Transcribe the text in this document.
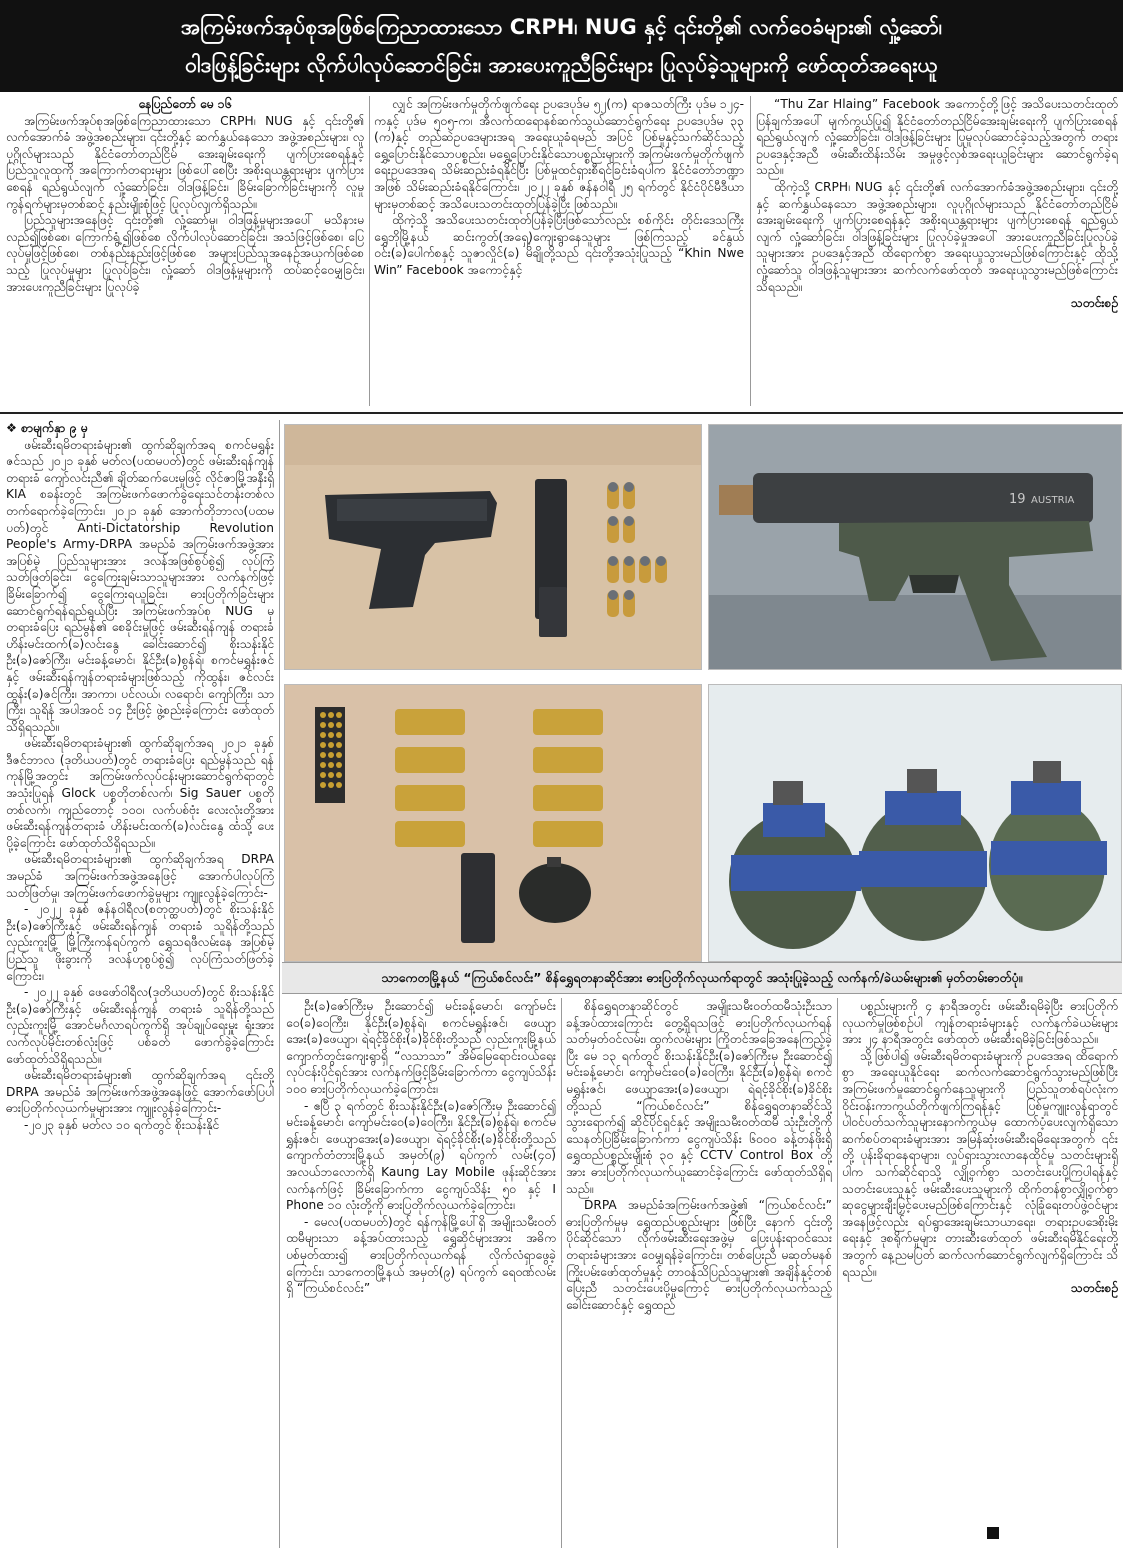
အကြမ်းဖက်အုပ်စုအဖြစ်ကြေညာထားသော CRPH၊ NUG နှင့် ၎င်းတို့၏ လက်ဝေခံများ၏ လှုံ့ဆော်၊
ဝါဒဖြန့်ခြင်းများ လိုက်ပါလုပ်ဆောင်ခြင်း၊ အားပေးကူညီခြင်းများ ပြုလုပ်ခဲ့သူများကို ဖော်ထုတ်အရေးယူ

နေပြည်တော် မေ ၁၆

အကြမ်းဖက်အုပ်စုအဖြစ်ကြေညာထားသော CRPH၊ NUG နှင့် ၎င်းတို့၏ လက်အောက်ခံ အဖွဲ့အစည်းများ၊ ၎င်းတို့နှင့် ဆက်နွှယ်နေသော အဖွဲ့အစည်းများ၊ လူပုဂ္ဂိုလ်များသည် နိုင်ငံတော်တည်ငြိမ် အေးချမ်းရေးကို ပျက်ပြားစေရန်နှင့် ပြည်သူလူထုကို အကြောက်တရားများ ဖြစ်ပေါ်စေပြီး အစိုးရယန္တရားများ ပျက်ပြားစေရန် ရည်ရွယ်လျက် လှုံ့ဆော်ခြင်း၊ ဝါဒဖြန့်ခြင်း၊ ခြိမ်းခြောက်ခြင်းများကို လူမှုကွန်ရက်များမှတစ်ဆင့် နည်းမျိုးစုံဖြင့် ပြုလုပ်လျက်ရှိသည်။

ပြည်သူများအနေဖြင့် ၎င်းတို့၏ လှုံ့ဆော်မှု၊ ဝါဒဖြန့်မှုများအပေါ် မသိနားမလည်၍ဖြစ်စေ၊ ကြောက်ရွံ့၍ဖြစ်စေ လိုက်ပါလုပ်ဆောင်ခြင်း၊ အသံဖြင့်ဖြစ်စေ၊ ပြေလုပ်မှုဖြင့်ဖြစ်စေ၊ တစ်နည်းနည်းဖြင့်ဖြစ်စေ အများပြည်သူအနေဉ်အယှက်ဖြစ်စေသည့် ပြုလုပ်မှုများ ပြုလုပ်ခြင်း၊ လှုံ့ဆော် ဝါဒဖြန့်မှုများကို ထပ်ဆင့်ဝေမျှခြင်း၊ အားပေးကူညီခြင်းများ ပြုလုပ်ခဲ့

လျှင် အကြမ်းဖက်မှုတိုက်ဖျက်ရေး ဥပဒေပုဒ်မ ၅၂(က) ရာဇသတ်ကြီး ပုဒ်မ ၁၂၄-ကနှင့် ပုဒ်မ ၅၀၅-က၊ အီလက်ထရောနစ်ဆက်သွယ်ဆောင်ရွက်ရေး ဥပဒေပုဒ်မ ၃၃ (က)နှင့် တည်ဆဲဥပဒေများအရ အရေးယူခံရမည် အပြင် ပြစ်မှုနှင့်သက်ဆိုင်သည့် ရွှေ့ပြောင်းနိုင်သောပစ္စည်း၊ မရွှေ့ပြောင်းနိုင်သောပစ္စည်းများကို အကြမ်းဖက်မှုတိုက်ဖျက်ရေးဥပဒေအရ သိမ်းဆည်းခံရနိုင်ပြီး ပြစ်မှုထင်ရှားစီရင်ခြင်းခံရပါက နိုင်ငံတော်ဘဏ္ဍာအဖြစ် သိမ်းဆည်းခံရနိုင်ကြောင်း၊ ၂၀၂၂ ခုနှစ် ဇန်နဝါရီ ၂၅ ရက်တွင် နိုင်ငံပိုင်မီဒီယာများမှတစ်ဆင့် အသိပေးသတင်းထုတ်ပြန်ခဲ့ပြီး ဖြစ်သည်။

ထိုကဲ့သို့ အသိပေးသတင်းထုတ်ပြန်ခဲ့ပြီးဖြစ်သော်လည်း စစ်ကိုင်း တိုင်းဒေသကြီး ရွှေဘိုမြို့နယ် ဆင်းကွတ်(အရှေ့)ကျေးရွာနေသူများ ဖြစ်ကြသည့် ခင်နွယ်ဝင်း(ခ)ပေါက်စနှင့် သူဇာလှိုင်(ခ) မိချိုတို့သည် ၎င်းတို့အသုံးပြုသည့် “Khin Nwe Win” Facebook အကောင့်နှင့်

“Thu Zar Hlaing” Facebook အကောင့်တို့ဖြင့် အသိပေးသတင်းထုတ်ပြန်ချက်အပေါ် မျက်ကွယ်ပြု၍ နိုင်ငံတော်တည်ငြိမ်အေးချမ်းရေးကို ပျက်ပြားစေရန် ရည်ရွယ်လျက် လှုံ့ဆော်ခြင်း၊ ဝါဒဖြန့်ခြင်းများ ပြုမူလုပ်ဆောင်ခဲ့သည့်အတွက် တရားဥပဒေနှင့်အညီ ဖမ်းဆီးထိန်းသိမ်း အမှုဖွင့်လှစ်အရေးယူခြင်းများ ဆောင်ရွက်ခဲ့ရသည်။

ထိုကဲ့သို့ CRPH၊ NUG နှင့် ၎င်းတို့၏ လက်အောက်ခံအဖွဲ့အစည်းများ၊ ၎င်းတို့နှင့် ဆက်နွှယ်နေသော အဖွဲ့အစည်းများ၊ လူပုဂ္ဂိုလ်များသည် နိုင်ငံတော်တည်ငြိမ်အေးချမ်းရေးကို ပျက်ပြားစေရန်နှင့် အစိုးရယန္တရားများ ပျက်ပြားစေရန် ရည်ရွယ်လျက် လှုံ့ဆော်ခြင်း၊ ဝါဒဖြန့်ခြင်းများ ပြုလုပ်ခဲ့မှုအပေါ် အားပေးကူညီခြင်းပြုလုပ်ခဲ့သူများအား ဥပဒေနှင့်အညီ ထိရောက်စွာ အရေးယူသွားမည်ဖြစ်ကြောင်းနှင့် ထိုသို့လှုံ့ဆော်သူ ဝါဒဖြန့်သူများအား ဆက်လက်ဖော်ထုတ် အရေးယူသွားမည်ဖြစ်ကြောင်း သိရသည်။

သတင်းစဉ်

❖ စာမျက်နှာ ၉ မှ

ဖမ်းဆီးရမိတရားခံများ၏ ထွက်ဆိုချက်အရ စကင်မရွှန်းဇင်သည် ၂၀၂၁ ခုနှစ် မတ်လ(ပထမပတ်)တွင် ဖမ်းဆီးရန်ကျန်တရားခံ ကျော်လင်းညီ၏ ချိတ်ဆက်ပေးမှုဖြင့် လိုင်ဇာမြို့အနီးရှိ KIA စခန်းတွင် အကြမ်းဖက်ဖောက်ခွဲရေးသင်တန်းတစ်လ တက်ရောက်ခဲ့ကြောင်း၊ ၂၀၂၁ ခုနှစ် အောက်တိုဘာလ(ပထမပတ်)တွင် Anti-Dictatorship Revolution People's Army-DRPA အမည်ခံ အကြမ်းဖက်အဖွဲ့အားအပြစ်မဲ့ ပြည်သူများအား ဒလန်အဖြစ်စွပ်စွဲ၍ လုပ်ကြံသတ်ဖြတ်ခြင်း၊ ငွေကြေးချမ်းသာသူများအား လက်နက်ဖြင့် ခြိမ်းခြောက်၍ ငွေကြေးရယူခြင်း၊ ဓားပြတိုက်ခြင်းများ ဆောင်ရွက်ရန်ရည်ရွယ်ပြီး အကြမ်းဖက်အုပ်စု NUG မှ တရားခံပြေး ရည်မွန်၏ စေခိုင်းမှုဖြင့် ဖမ်းဆီးရန်ကျန် တရားခံ ဟိန်းမင်းထက်(ခ)လင်းနွေ ခေါင်းဆောင်၍ စိုးသန်းနိုင်ဦး(ခ)ဇော်ကြီး၊ မင်းခန့်မောင်၊ နိုင်ဦး(ခ)စွန်ရဲ၊ စကင်မရွှန်းဇင်နှင့် ဖမ်းဆီးရန်ကျန်တရားခံများဖြစ်သည့် ကိုထွန်း၊ ဇင်လင်းထွန်း(ခ)ဇင်ကြီး၊ အာကာ၊ ပင်လယ်၊ လရောင်၊ ကျော်ကြီး၊ သာကြီး၊ သူရိန် အပါအဝင် ၁၄ ဦးဖြင့် ဖွဲ့စည်းခဲ့ကြောင်း ဖော်ထုတ်သိရှိရသည်။

ဖမ်းဆီးရမိတရားခံများ၏ ထွက်ဆိုချက်အရ ၂၀၂၁ ခုနှစ် ဒီဇင်ဘာလ (ဒုတိယပတ်)တွင် တရားခံပြေး ရည်မွန်သည် ရန်ကုန်မြို့အတွင်း အကြမ်းဖက်လုပ်ငန်းများဆောင်ရွက်ရာတွင် အသုံးပြုရန် Glock ပစ္စတိုတစ်လက်၊ Sig Sauer ပစ္စတိုတစ်လက်၊ ကျည်တောင့် ၁၀၀၊ လက်ပစ်ဗုံး လေးလုံးတို့အား ဖမ်းဆီးရန်ကျန်တရားခံ ဟိန်းမင်းထက်(ခ)လင်းနွေ ထံသို့ ပေးပို့ခဲ့ကြောင်း ဖော်ထုတ်သိရှိရသည်။

ဖမ်းဆီးရမိတရားခံများ၏ ထွက်ဆိုချက်အရ DRPA အမည်ခံ အကြမ်းဖက်အဖွဲ့အနေဖြင့် အောက်ပါလုပ်ကြံသတ်ဖြတ်မှု၊ အကြမ်းဖက်ဖောက်ခွဲမှုများ ကျူးလွန်ခဲ့ကြောင်း-

- ၂၀၂၂ ခုနှစ် ဇန်နဝါရီလ(စတုတ္ထပတ်)တွင် စိုးသန်းနိုင်ဦး(ခ)ဇော်ကြီးနှင့် ဖမ်းဆီးရန်ကျန် တရားခံ သူရိန်တို့သည် လှည်းကူးမြို့ မြို့ကြီးကန်ရပ်ကွက် ရွှေသရဖီလမ်းနေ အပြစ်မဲ့ပြည်သူ ဖိုးခွားကို ဒလန်ဟုစွပ်စွဲ၍ လုပ်ကြံသတ်ဖြတ်ခဲ့ကြောင်း၊

- ၂၀၂၂ ခုနှစ် ဖေဖော်ဝါရီလ(ဒုတိယပတ်)တွင် စိုးသန်းနိုင်ဦး(ခ)ဇော်ကြီးနှင့် ဖမ်းဆီးရန်ကျန် တရားခံ သူရိန်တို့သည် လှည်းကူးမြို့ အောင်မင်္ဂလာရပ်ကွက်ရှိ အုပ်ချုပ်ရေးမှူး ရုံးအား လက်လုပ်မိုင်းတစ်လုံးဖြင့် ပစ်ခတ် ဖောက်ခွဲခဲ့ကြောင်း ဖော်ထုတ်သိရှိရသည်။

ဖမ်းဆီးရမိတရားခံများ၏ ထွက်ဆိုချက်အရ ၎င်းတို့ DRPA အမည်ခံ အကြမ်းဖက်အဖွဲ့အနေဖြင့် အောက်ဖော်ပြပါ ဓားပြတိုက်လုယက်မှုများအား ကျူးလွန်ခဲ့ကြောင်း-

-၂၀၂၃ ခုနှစ် မတ်လ ၁၀ ရက်တွင် စိုးသန်းနိုင်

19 AUSTRIA
သာကေတမြို့နယ် “ကြယ်စင်လင်း” စိန်ရွှေရတနာဆိုင်အား ဓားပြတိုက်လုယက်ရာတွင် အသုံးပြုခဲ့သည့် လက်နက်/ခဲယမ်းများ၏ မှတ်တမ်းဓာတ်ပုံ။

ဦး(ခ)ဇော်ကြီးမှ ဦးဆောင်၍ မင်းခန့်မောင်၊ ကျော်မင်းဝေ(ခ)ဝေကြီး၊ နိုင်ဦး(ခ)စွန်ရဲ၊ စကင်မရွှန်းဇင်၊ ဖေယျာအေး(ခ)ဖေယျာ၊ ရဲရင့်ခိုင်စိုး(ခ)ခိုင်စိုးတို့သည် လှည်းကူးမြို့နယ် ကျောက်တွင်းကျေးရွာရှိ “လသာသာ” အိမ်မြေရောင်းဝယ်ရေးလုပ်ငန်းပိုင်ရှင်အား လက်နက်ဖြင့်ခြိမ်းခြောက်ကာ ငွေကျပ်သိန်း ၁၀၀ ဓားပြတိုက်လုယက်ခဲ့ကြောင်း၊

- ဧပြီ ၃ ရက်တွင် စိုးသန်းနိုင်ဦး(ခ)ဇော်ကြီးမှ ဦးဆောင်၍ မင်းခန့်မောင်၊ ကျော်မင်းဝေ(ခ)ဝေကြီး၊ နိုင်ဦး(ခ)စွန်ရဲ၊ စကင်မရွှန်းဇင်၊ ဖေယျာအေး(ခ)ဖေယျာ၊ ရဲရင့်ခိုင်စိုး(ခ)ခိုင်စိုးတို့သည် ကျောက်တံတားမြို့နယ် အမှတ်(၉) ရပ်ကွက် လမ်း(၄၀) အလယ်ဘလောက်ရှိ Kaung Lay Mobile ဖုန်းဆိုင်အား လက်နက်ဖြင့် ခြိမ်းခြောက်ကာ ငွေကျပ်သိန်း ၅၀ နှင့် I Phone ၁၀ လုံးတို့ကို ဓားပြတိုက်လုယက်ခဲ့ကြောင်း၊

- မေလ(ပထမပတ်)တွင် ရန်ကုန်မြို့ပေါ်ရှိ အမျိုးသမီးဝတ်ထမီများသာ ခန့်အပ်ထားသည့် ရွှေဆိုင်များအား အဓိကပစ်မှတ်ထား၍ ဓားပြတိုက်လုယက်ရန် လိုက်လံရှာဖွေခဲ့ကြောင်း၊ သာကေတမြို့နယ် အမှတ်(၉) ရပ်ကွက် ရေဝဏ်လမ်းရှိ “ကြယ်စင်လင်း”

စိန်ရွှေရတနာဆိုင်တွင် အမျိုးသမီးဝတ်ထမီသုံးဦးသာ ခန့်အပ်ထားကြောင်း တွေ့ရှိရသဖြင့် ဓားပြတိုက်လုယက်ရန်သတ်မှတ်ဝင်လမ်း၊ ထွက်လမ်းများ ကြိုတင်အခြေအနေကြည့်ခဲ့ပြီး မေ ၁၃ ရက်တွင် စိုးသန်းနိုင်ဦး(ခ)ဇော်ကြီးမှ ဦးဆောင်၍ မင်းခန့်မောင်၊ ကျော်မင်းဝေ(ခ)ဝေကြီး၊ နိုင်ဦး(ခ)စွန်ရဲ၊ စကင်မရွှန်းဇင်၊ ဖေယျာအေး(ခ)ဖေယျာ၊ ရဲရင့်ခိုင်စိုး(ခ)ခိုင်စိုးတို့သည် “ကြယ်စင်လင်း” စိန်ရွှေရတနာဆိုင်သို့ သွားရောက်၍ ဆိုင်ပိုင်ရှင်နှင့် အမျိုးသမီးဝတ်ထမီ သုံးဦးတို့ကို သေနတ်ပြခြိမ်းခြောက်ကာ ငွေကျပ်သိန်း ၆၀၀၀ ခန့်တန်ဖိုးရှိ ရွှေထည်ပစ္စည်းမျိုးစုံ ၃၀ နှင့် CCTV Control Box တို့အား ဓားပြတိုက်လုယက်ယူဆောင်ခဲ့ကြောင်း ဖော်ထုတ်သိရှိရသည်။

DRPA အမည်ခံအကြမ်းဖက်အဖွဲ့၏ “ကြယ်စင်လင်း” ဓားပြတိုက်မှုမှ ရွှေထည်ပစ္စည်းများ ဖြစ်ပြီး နောက် ၎င်းတို့ ပိုင်ဆိုင်သော လိုက်ဖမ်းဆီးရေးအဖွဲ့မှ ပြေးပုန်းရာဝင်သေး တရားခံများအား ဝေမျှရန်ခဲ့ကြောင်း၊ တစ်ပြေးညီ မဆုတ်မနစ် ကြိုးပမ်းဖော်ထုတ်မှုနှင့် တာဝန်သိပြည်သူများ၏ အချိန်နှင့်တစ်ပြေးညီ သတင်းပေးပို့မှုကြောင့် ဓားပြတိုက်လုယက်သည့်ခေါင်းဆောင်နှင့် ရွှေထည်

ပစ္စည်းများကို ၄ နာရီအတွင်း ဖမ်းဆီးရမိခဲ့ပြီး ဓားပြတိုက်လုယက်မှုဖြစ်စဉ်ပါ ကျန်တရားခံများနှင့် လက်နက်ခဲယမ်းများအား ၂၄ နာရီအတွင်း ဖော်ထုတ် ဖမ်းဆီးရမိခဲ့ခြင်းဖြစ်သည်။

သို့ဖြစ်ပါ၍ ဖမ်းဆီးရမိတရားခံများကို ဥပဒေအရ ထိရောက်စွာ အရေးယူနိုင်ရေး ဆက်လက်ဆောင်ရွက်သွားမည်ဖြစ်ပြီး အကြမ်းဖက်မှုဆောင်ရွက်နေသူများကို ပြည်သူတစ်ရပ်လုံးကဝိုင်းဝန်းကာကွယ်တိုက်ဖျက်ကြရန်နှင့် ပြစ်မှုကျူးလွန်ရာတွင် ပါဝင်ပတ်သက်သူများနောက်ကွယ်မှ ထောက်ပံ့ပေးလျက်ရှိသော ဆက်စပ်တရားခံများအား အမြန်ဆုံးဖမ်းဆီးရမိရေးအတွက် ၎င်းတို့ ပုန်းခိုရာနေရာများ၊ လှုပ်ရှားသွားလာနေထိုင်မှု သတင်းများရှိပါက သက်ဆိုင်ရာသို့ လျှို့ဝှက်စွာ သတင်းပေးပို့ကြပါရန်နှင့် သတင်းပေးသူနှင့် ဖမ်းဆီးပေးသူများကို ထိုက်တန်စွာလျှို့ဝှက်စွာဆုငွေများချီးမြှင့်ပေးမည်ဖြစ်ကြောင်းနှင့် လုံခြုံရေးတပ်ဖွဲ့ဝင်များအနေဖြင့်လည်း ရပ်ရွာအေးချမ်းသာယာရေး၊ တရားဥပဒေစိုးမိုးရေးနှင့် ဒုစရိုက်မှုများ တားဆီးဖော်ထုတ် ဖမ်းဆီးရမိနိုင်ရေးတို့အတွက် နေ့ညမပြတ် ဆက်လက်ဆောင်ရွက်လျက်ရှိကြောင်း သိရသည်။

သတင်းစဉ်
